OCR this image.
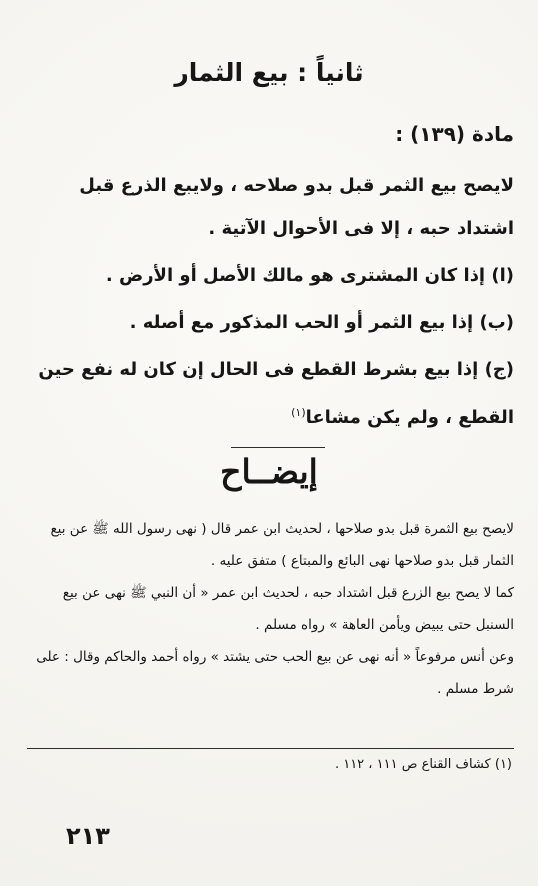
ثانياً : بيع الثمار
مادة (١٣٩) :

لايصح بيع الثمر قبل بدو صلاحه ، ولايبع الذرع قبل اشتداد حبه ، إلا فى الأحوال الآتية .

(ا) إذا كان المشترى هو مالك الأصل أو الأرض .

(ب) إذا بيع الثمر أو الحب المذكور مع أصله .

(ج) إذا بيع بشرط القطع فى الحال إن كان له نفع حين القطع ، ولم يكن مشاعا$^{(١)}$

إيضــاح

لايصح بيع الثمرة قبل بدو صلاحها ، لحديث ابن عمر قال ( نهى رسول الله ﷺ عن بيع الثمار قبل بدو صلاحها نهى البائع والمبتاع ) متفق عليه .

كما لا يصح بيع الزرع قبل اشتداد حبه ، لحديث ابن عمر « أن النبي ﷺ نهى عن بيع السنبل حتى يبيض ويأمن العاهة » رواه مسلم .

وعن أنس مرفوعاً « أنه نهى عن بيع الحب حتى يشتد » رواه أحمد والحاكم وقال : على شرط مسلم .

(١) كشاف القناع ص ١١١ ، ١١٢ .
٢١٣
